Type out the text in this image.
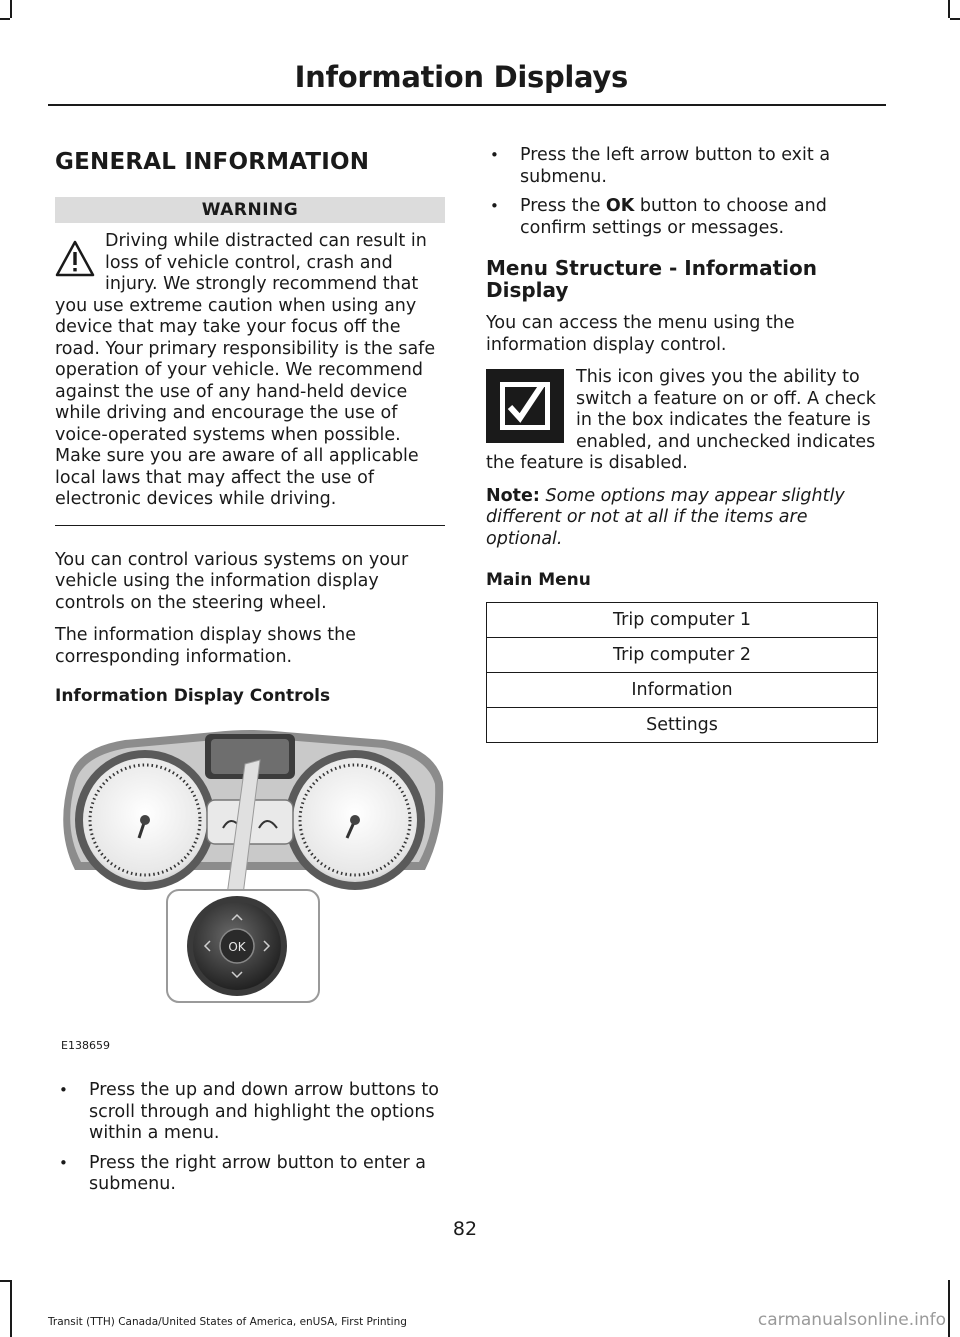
Information Displays
GENERAL INFORMATION
WARNING
Driving while distracted can result in loss of vehicle control, crash and injury. We strongly recommend that you use extreme caution when using any device that may take your focus off the road. Your primary responsibility is the safe operation of your vehicle. We recommend against the use of any hand-held device while driving and encourage the use of voice-operated systems when possible. Make sure you are aware of all applicable local laws that may affect the use of electronic devices while driving.

You can control various systems on your vehicle using the information display controls on the steering wheel.

The information display shows the corresponding information.

Information Display Controls
OK
E138659
• Press the up and down arrow buttons to scroll through and highlight the options within a menu.
• Press the right arrow button to enter a submenu.
• Press the left arrow button to exit a submenu.
• Press the OK button to choose and confirm settings or messages.
Menu Structure - Information Display

You can access the menu using the information display control.

This icon gives you the ability to switch a feature on or off. A check in the box indicates the feature is enabled, and unchecked indicates the feature is disabled.

Note: Some options may appear slightly different or not at all if the items are optional.

Main Menu
Trip computer 1
Trip computer 2
Information
Settings
82
Transit (TTH) Canada/United States of America, enUSA, First Printing	carmanualsonline.info
